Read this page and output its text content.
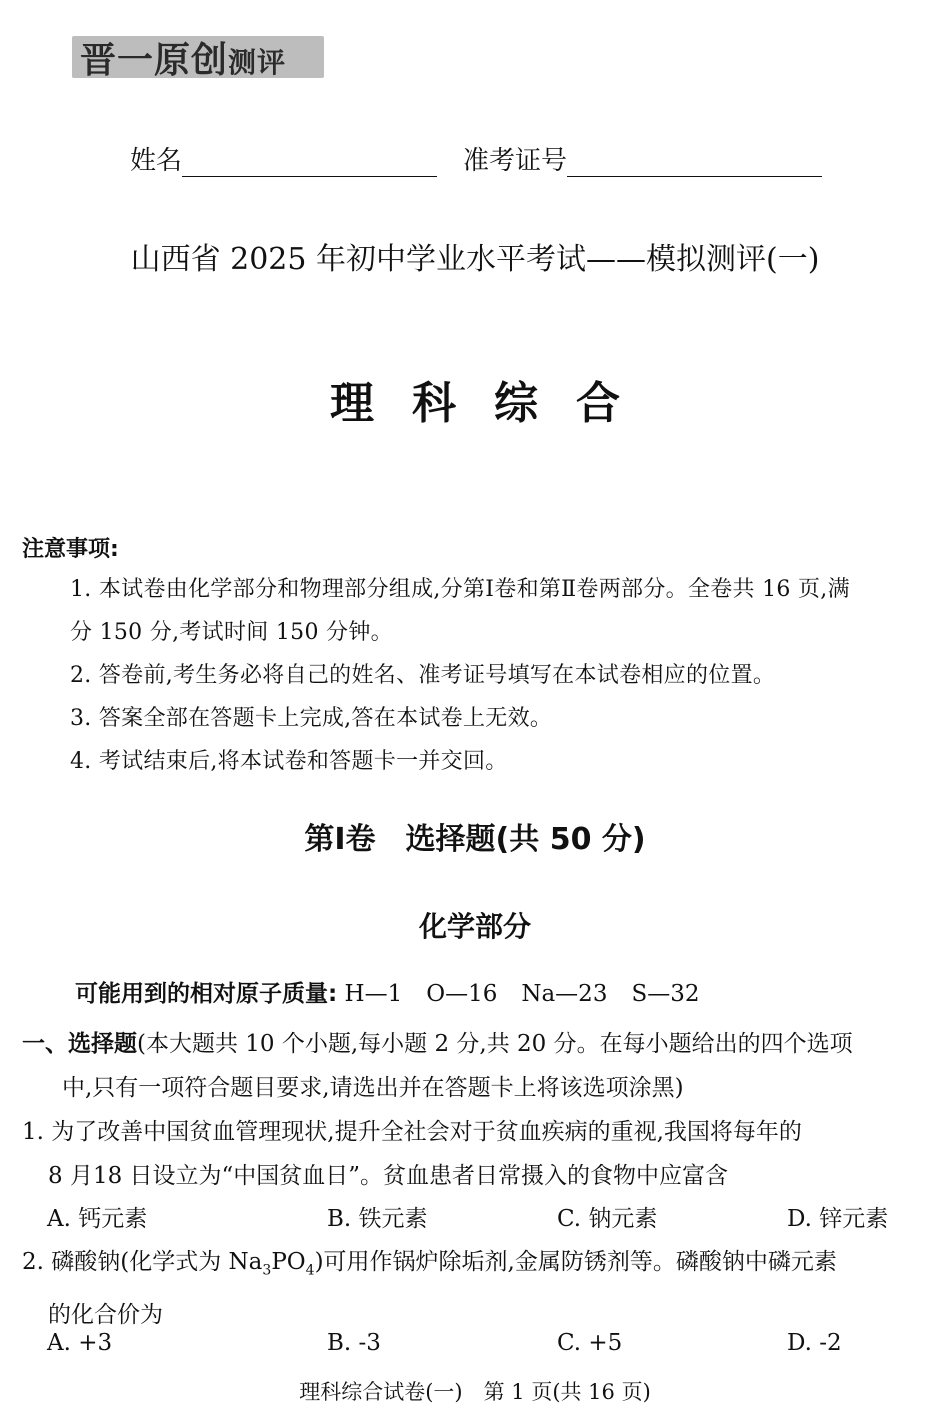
晋一原创测评
姓名	准考证号
山西省 2025 年初中学业水平考试——模拟测评(一)
理科综合
注意事项:
1. 本试卷由化学部分和物理部分组成,分第Ⅰ卷和第Ⅱ卷两部分。全卷共 16 页,满
分 150 分,考试时间 150 分钟。
2. 答卷前,考生务必将自己的姓名、准考证号填写在本试卷相应的位置。
3. 答案全部在答题卡上完成,答在本试卷上无效。
4. 考试结束后,将本试卷和答题卡一并交回。
第Ⅰ卷　选择题(共 50 分)
化学部分
可能用到的相对原子质量: H—1 O—16 Na—23 S—32
一、选择题(本大题共 10 个小题,每小题 2 分,共 20 分。在每小题给出的四个选项
中,只有一项符合题目要求,请选出并在答题卡上将该选项涂黑)
1. 为了改善中国贫血管理现状,提升全社会对于贫血疾病的重视,我国将每年的
8 月18 日设立为“中国贫血日”。贫血患者日常摄入的食物中应富含
A. 钙元素	B. 铁元素	C. 钠元素	D. 锌元素
2. 磷酸钠(化学式为 $Na_3PO_4$)可用作锅炉除垢剂,金属防锈剂等。磷酸钠中磷元素
的化合价为
A. +3	B. -3	C. +5	D. -2
理科综合试卷(一)　第 1 页(共 16 页)
